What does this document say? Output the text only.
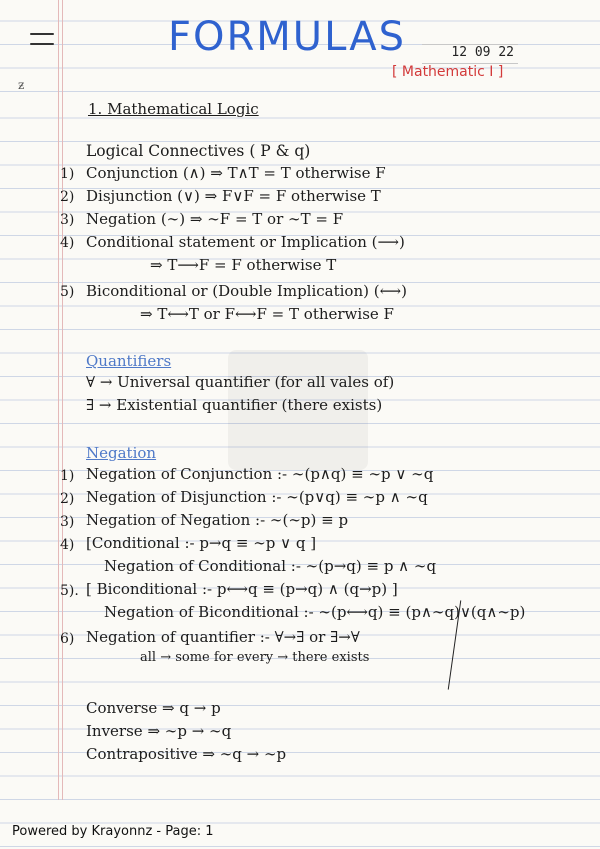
ƶ
FORMULAS	12 09 22
[ Mathematic I ]
1. Mathematical Logic
Logical Connectives ( P & q)
1) Conjunction (∧) ⇒ T∧T = T otherwise F
2) Disjunction (∨) ⇒ F∨F = F otherwise T
3) Negation (∼) ⇒ ∼F = T or ∼T = F
4) Conditional statement or Implication (⟶)
⇒ T⟶F = F otherwise T
5) Biconditional or (Double Implication) (⟷)
⇒ T⟷T or F⟷F = T otherwise F
Quantifiers
∀ → Universal quantifier (for all vales of)
∃ → Existential quantifier (there exists)
Negation
1) Negation of Conjunction :- ∼(p∧q) ≡ ∼p ∨ ∼q
2) Negation of Disjunction :- ∼(p∨q) ≡ ∼p ∧ ∼q
3) Negation of Negation :- ∼(∼p) ≡ p
4) [Conditional :- p→q ≡ ∼p ∨ q ]
Negation of Conditional :- ∼(p→q) ≡ p ∧ ∼q
5). [ Biconditional :- p⟷q ≡ (p→q) ∧ (q→p) ]
Negation of Biconditional :- ∼(p⟷q) ≡ (p∧∼q)∨(q∧∼p)
6) Negation of quantifier :- ∀→∃ or ∃→∀
all → some for every → there exists
Converse ⇒ q → p
Inverse ⇒ ∼p → ∼q
Contrapositive ⇒ ∼q → ∼p
Powered by Krayonnz - Page: 1
